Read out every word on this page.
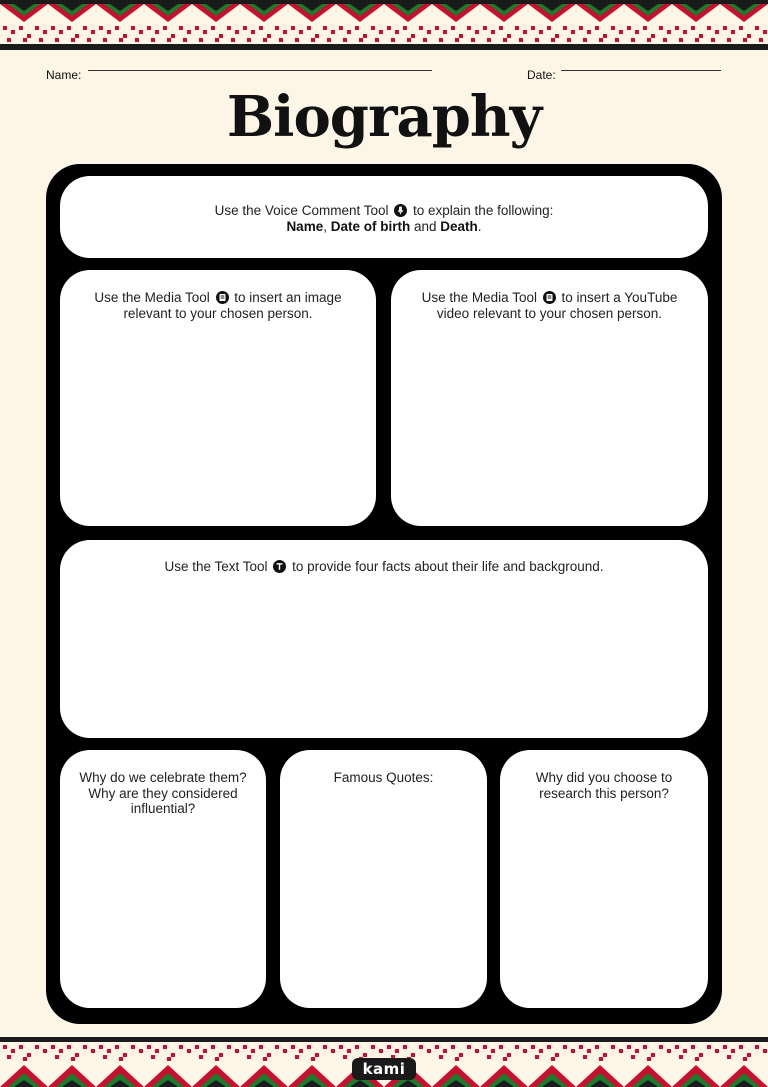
Name:	Date:
Biography
Use the Voice Comment Tool to explain the following:
Name, Date of birth and Death.
Use the Media Tool to insert an image
relevant to your chosen person.
Use the Media Tool to insert a YouTube
video relevant to your chosen person.
Use the Text Tool to provide four facts about their life and background.
Why do we celebrate them?
Why are they considered
influential?
Famous Quotes:	Why did you choose to
research this person?
kami
